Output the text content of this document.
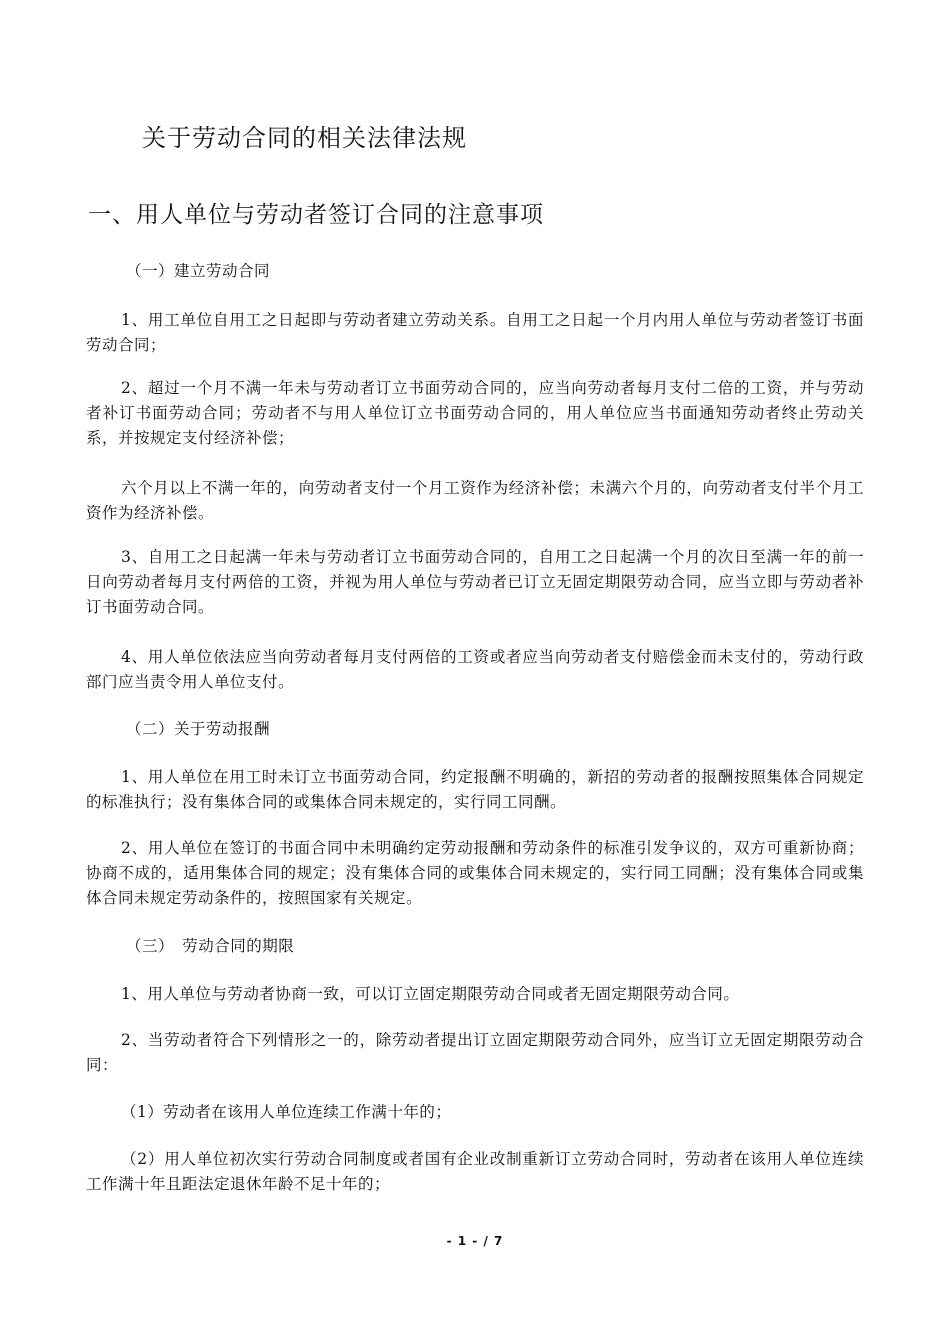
关于劳动合同的相关法律法规
一、用人单位与劳动者签订合同的注意事项

（一）建立劳动合同

1、用工单位自用工之日起即与劳动者建立劳动关系。自用工之日起一个月内用人单位与劳动者签订书面劳动合同；

2、超过一个月不满一年未与劳动者订立书面劳动合同的，应当向劳动者每月支付二倍的工资，并与劳动者补订书面劳动合同；劳动者不与用人单位订立书面劳动合同的，用人单位应当书面通知劳动者终止劳动关系，并按规定支付经济补偿；

六个月以上不满一年的，向劳动者支付一个月工资作为经济补偿；未满六个月的，向劳动者支付半个月工资作为经济补偿。

3、自用工之日起满一年未与劳动者订立书面劳动合同的，自用工之日起满一个月的次日至满一年的前一日向劳动者每月支付两倍的工资，并视为用人单位与劳动者已订立无固定期限劳动合同，应当立即与劳动者补订书面劳动合同。

4、用人单位依法应当向劳动者每月支付两倍的工资或者应当向劳动者支付赔偿金而未支付的，劳动行政部门应当责令用人单位支付。

（二）关于劳动报酬

1、用人单位在用工时未订立书面劳动合同，约定报酬不明确的，新招的劳动者的报酬按照集体合同规定的标准执行；没有集体合同的或集体合同未规定的，实行同工同酬。

2、用人单位在签订的书面合同中未明确约定劳动报酬和劳动条件的标准引发争议的，双方可重新协商；协商不成的，适用集体合同的规定；没有集体合同的或集体合同未规定的，实行同工同酬；没有集体合同或集体合同未规定劳动条件的，按照国家有关规定。

（三）　劳动合同的期限

1、用人单位与劳动者协商一致，可以订立固定期限劳动合同或者无固定期限劳动合同。

2、当劳动者符合下列情形之一的，除劳动者提出订立固定期限劳动合同外，应当订立无固定期限劳动合同：

（1）劳动者在该用人单位连续工作满十年的；

（2）用人单位初次实行劳动合同制度或者国有企业改制重新订立劳动合同时，劳动者在该用人单位连续工作满十年且距法定退休年龄不足十年的；

- 1 - / 7
